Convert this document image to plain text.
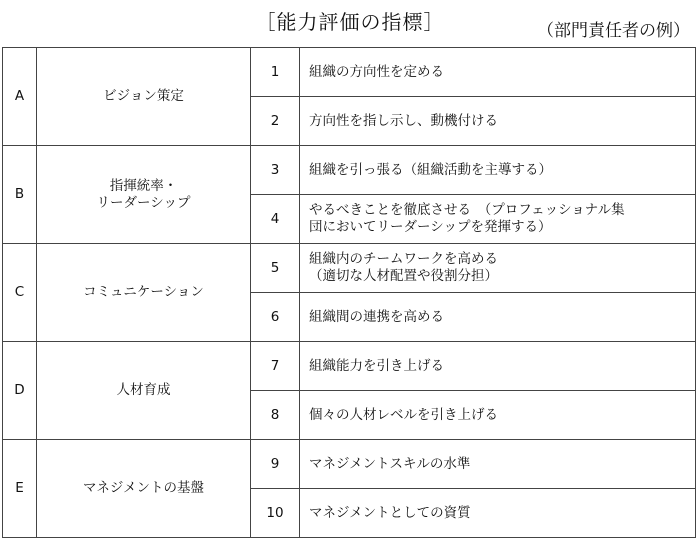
［能力評価の指標］	（部門責任者の例）
A	ビジョン策定	1	組織の方向性を定める
		2	方向性を指し示し、動機付ける
B	指揮統率・
リーダーシップ	3	組織を引っ張る（組織活動を主導する）
		4	やるべきことを徹底させる　（プロフェッショナル集
団においてリーダーシップを発揮する）
C	コミュニケーション	5	組織内のチームワークを高める
（適切な人材配置や役割分担）
		6	組織間の連携を高める
D	人材育成	7	組織能力を引き上げる
		8	個々の人材レベルを引き上げる
E	マネジメントの基盤	9	マネジメントスキルの水準
		10	マネジメントとしての資質
